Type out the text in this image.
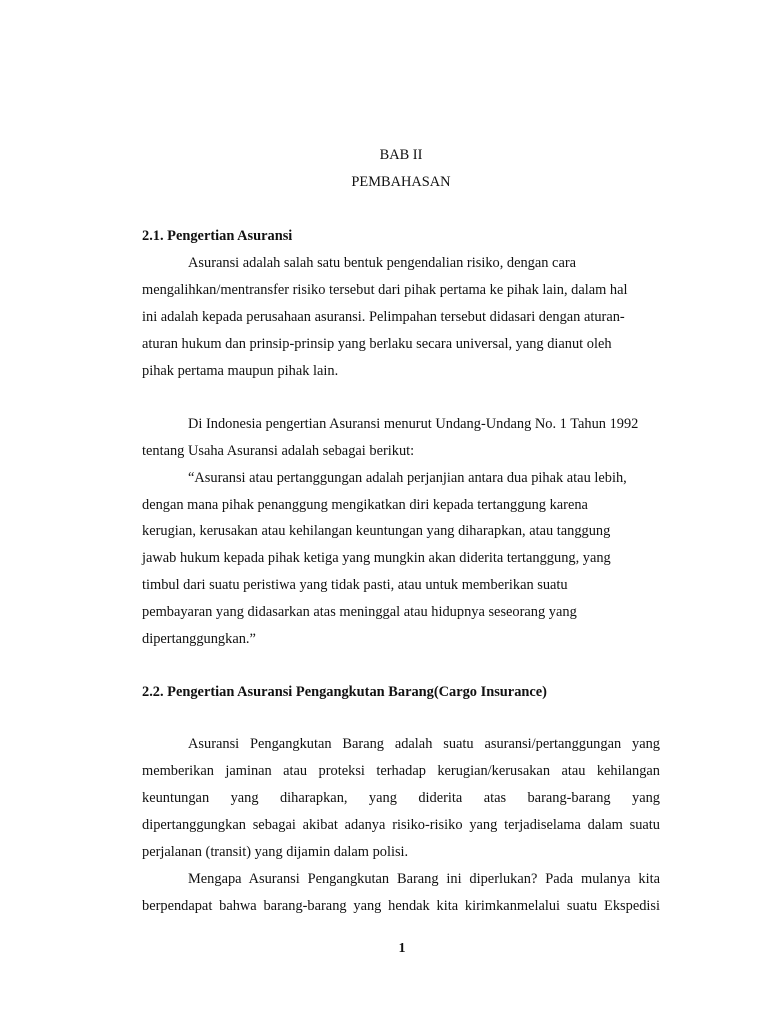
BAB II
PEMBAHASAN
2.1. Pengertian Asuransi
Asuransi adalah salah satu bentuk pengendalian risiko, dengan cara
mengalihkan/mentransfer risiko tersebut dari pihak pertama ke pihak lain, dalam hal
ini adalah kepada perusahaan asuransi. Pelimpahan tersebut didasari dengan aturan-
aturan hukum dan prinsip-prinsip yang berlaku secara universal, yang dianut oleh
pihak pertama maupun pihak lain.
Di Indonesia pengertian Asuransi menurut Undang-Undang No. 1 Tahun 1992
tentang Usaha Asuransi adalah sebagai berikut:
“Asuransi atau pertanggungan adalah perjanjian antara dua pihak atau lebih,
dengan mana pihak penanggung mengikatkan diri kepada tertanggung karena
kerugian, kerusakan atau kehilangan keuntungan yang diharapkan, atau tanggung
jawab hukum kepada pihak ketiga yang mungkin akan diderita tertanggung, yang
timbul dari suatu peristiwa yang tidak pasti, atau untuk memberikan suatu
pembayaran yang didasarkan atas meninggal atau hidupnya seseorang yang
dipertanggungkan.”
2.2. Pengertian Asuransi Pengangkutan Barang(Cargo Insurance)
Asuransi Pengangkutan Barang adalah suatu asuransi/pertanggungan yang
memberikan jaminan atau proteksi terhadap kerugian/kerusakan atau kehilangan
keuntungan yang diharapkan, yang diderita atas barang-barang yang
dipertanggungkan sebagai akibat adanya risiko-risiko yang terjadiselama dalam suatu
perjalanan (transit) yang dijamin dalam polisi.
Mengapa Asuransi Pengangkutan Barang ini diperlukan? Pada mulanya kita
berpendapat bahwa barang-barang yang hendak kita kirimkanmelalui suatu Ekspedisi
1
